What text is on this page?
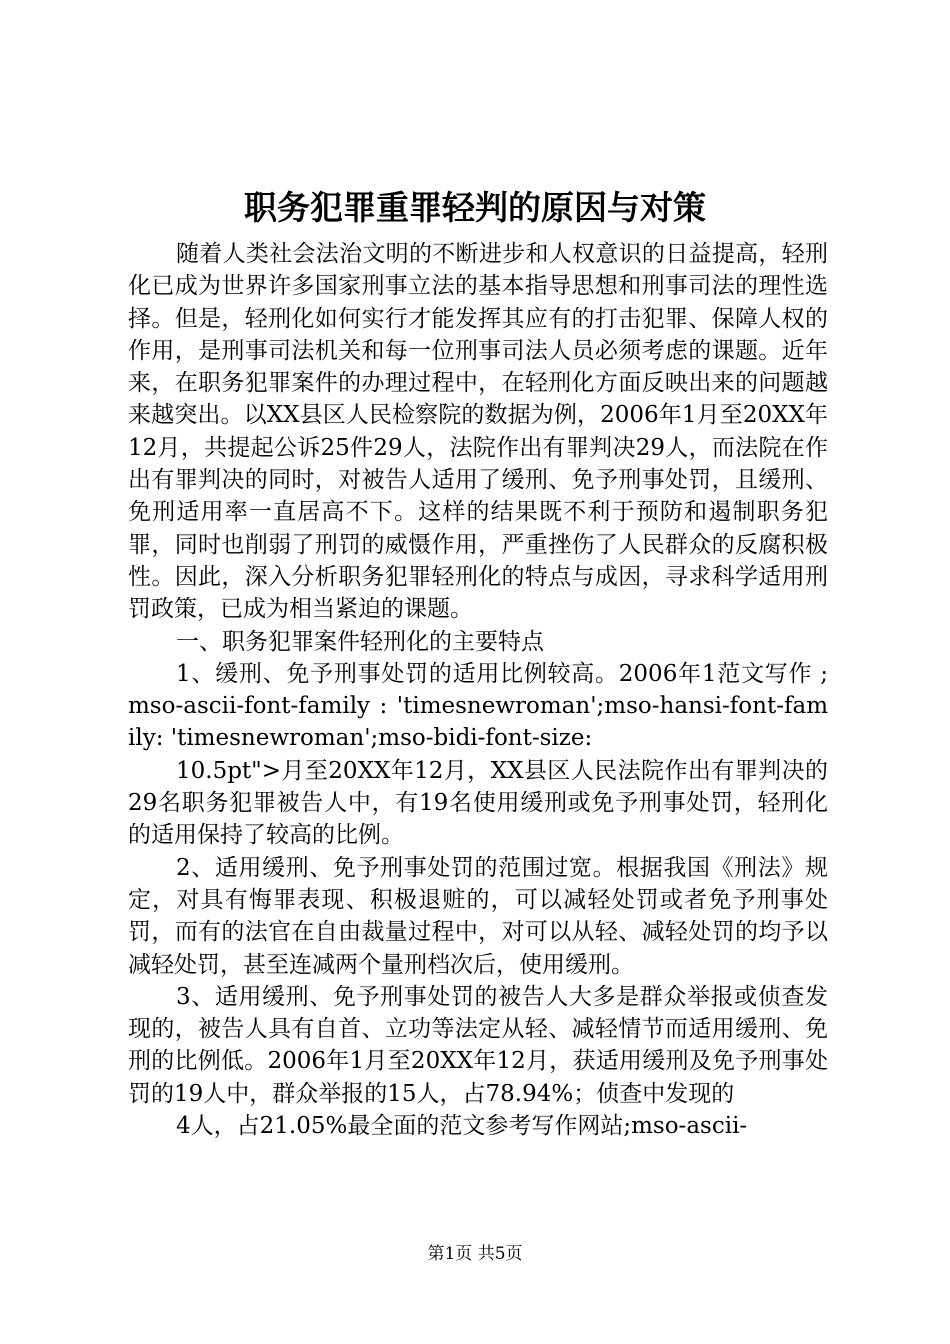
职务犯罪重罪轻判的原因与对策

随着人类社会法治文明的不断进步和人权意识的日益提高，轻刑化已成为世界许多国家刑事立法的基本指导思想和刑事司法的理性选择。但是，轻刑化如何实行才能发挥其应有的打击犯罪、保障人权的作用，是刑事司法机关和每一位刑事司法人员必须考虑的课题。近年来，在职务犯罪案件的办理过程中，在轻刑化方面反映出来的问题越来越突出。以XX县区人民检察院的数据为例，2006年1月至20XX年12月，共提起公诉25件29人，法院作出有罪判决29人，而法院在作出有罪判决的同时，对被告人适用了缓刑、免予刑事处罚，且缓刑、免刑适用率一直居高不下。这样的结果既不利于预防和遏制职务犯罪，同时也削弱了刑罚的威慑作用，严重挫伤了人民群众的反腐积极性。因此，深入分析职务犯罪轻刑化的特点与成因，寻求科学适用刑罚政策，已成为相当紧迫的课题。

一、职务犯罪案件轻刑化的主要特点

1、缓刑、免予刑事处罚的适用比例较高。2006年1范文写作 ;mso-ascii-font-family : 'timesnewroman';mso-hansi-font-family: 'timesnewroman';mso-bidi-font-size:

10.5pt">月至20XX年12月，XX县区人民法院作出有罪判决的29名职务犯罪被告人中，有19名使用缓刑或免予刑事处罚，轻刑化的适用保持了较高的比例。

2、适用缓刑、免予刑事处罚的范围过宽。根据我国《刑法》规定，对具有悔罪表现、积极退赃的，可以减轻处罚或者免予刑事处罚，而有的法官在自由裁量过程中，对可以从轻、减轻处罚的均予以减轻处罚，甚至连减两个量刑档次后，使用缓刑。

3、适用缓刑、免予刑事处罚的被告人大多是群众举报或侦查发现的，被告人具有自首、立功等法定从轻、减轻情节而适用缓刑、免刑的比例低。2006年1月至20XX年12月，获适用缓刑及免予刑事处罚的19人中，群众举报的15人，占78.94%；侦查中发现的

4人，占21.05%最全面的范文参考写作网站;mso-ascii-

第1页 共5页
